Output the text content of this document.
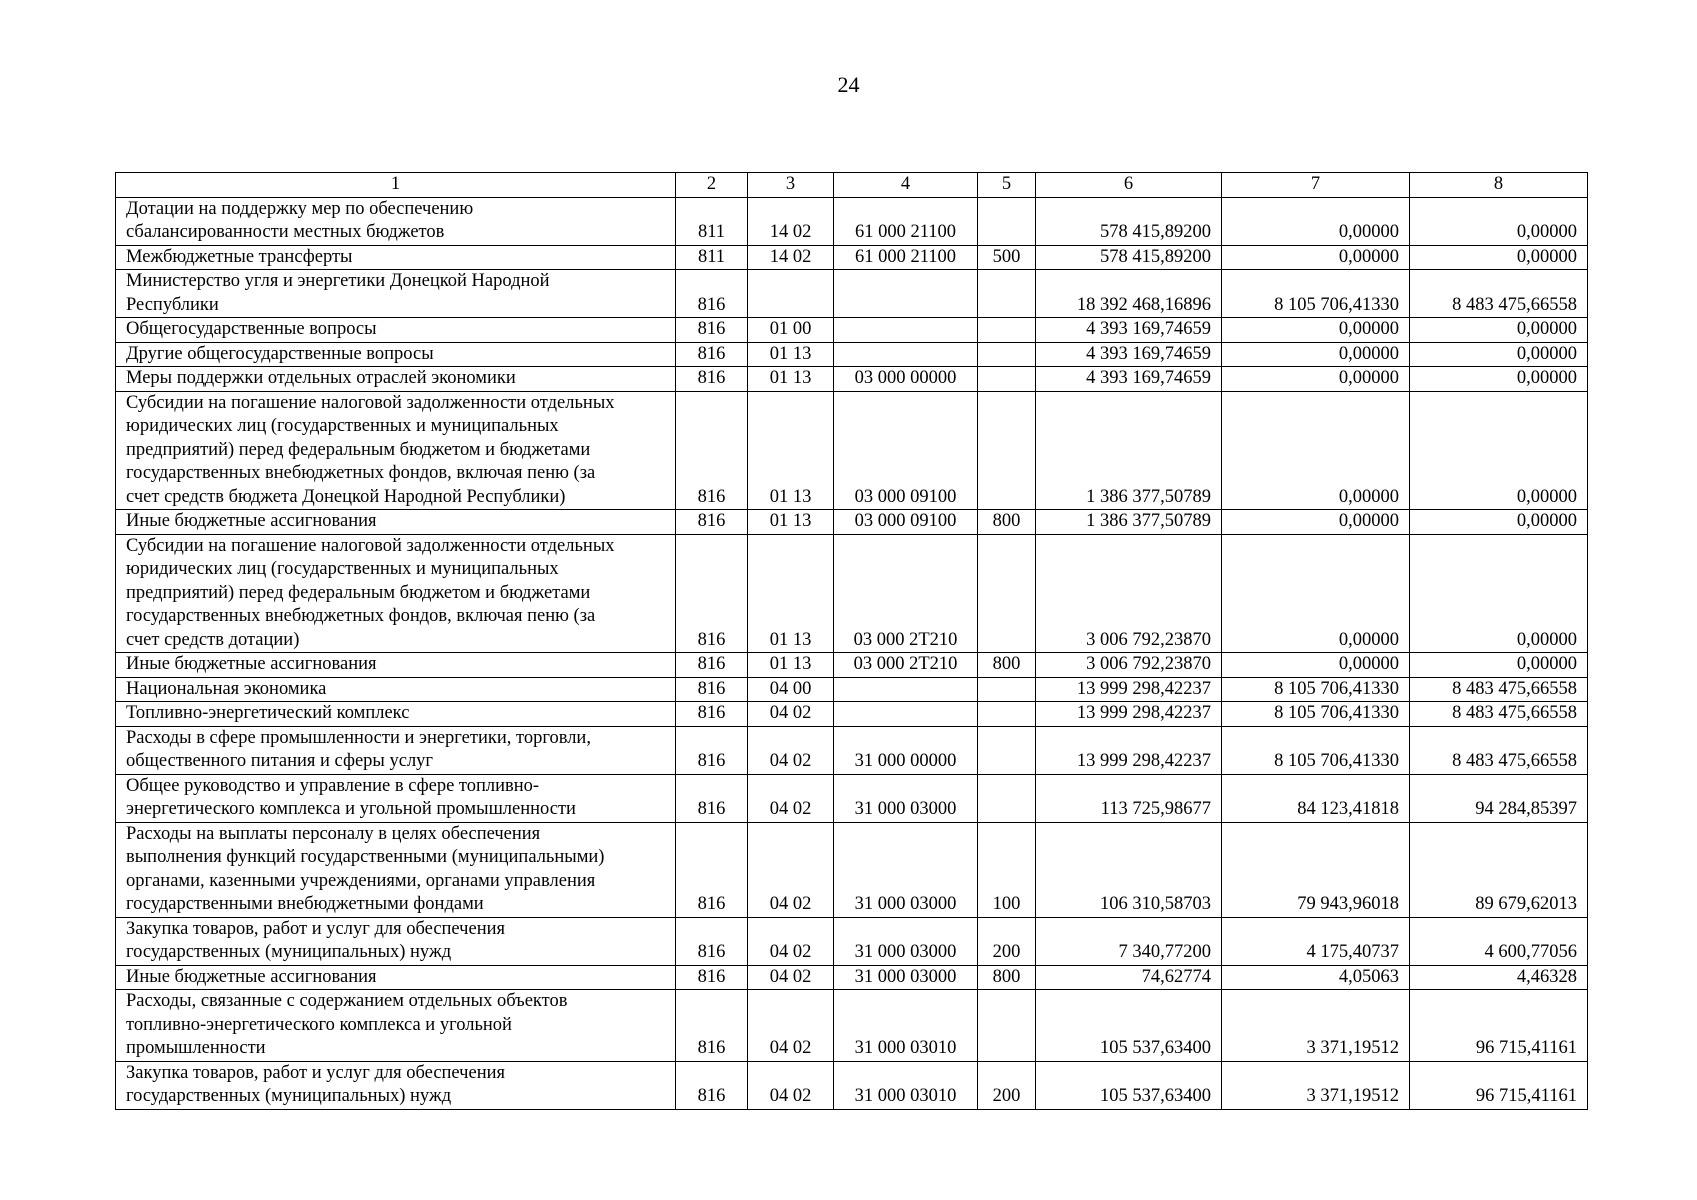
24
1	2	3	4	5	6	7	8

Дотации на поддержку мер по обеспечению
сбалансированности местных бюджетов	811	14 02	61 000 21100		578 415,89200	0,00000	0,00000

Межбюджетные трансферты	811	14 02	61 000 21100	500	578 415,89200	0,00000	0,00000

Министерство угля и энергетики Донецкой Народной
Республики	816				18 392 468,16896	8 105 706,41330	8 483 475,66558

Общегосударственные вопросы	816	01 00			4 393 169,74659	0,00000	0,00000

Другие общегосударственные вопросы	816	01 13			4 393 169,74659	0,00000	0,00000

Меры поддержки отдельных отраслей экономики	816	01 13	03 000 00000		4 393 169,74659	0,00000	0,00000

Субсидии на погашение налоговой задолженности отдельных
юридических лиц (государственных и муниципальных
предприятий) перед федеральным бюджетом и бюджетами
государственных внебюджетных фондов, включая пеню (за
счет средств бюджета Донецкой Народной Республики)	816	01 13	03 000 09100		1 386 377,50789	0,00000	0,00000

Иные бюджетные ассигнования	816	01 13	03 000 09100	800	1 386 377,50789	0,00000	0,00000

Субсидии на погашение налоговой задолженности отдельных
юридических лиц (государственных и муниципальных
предприятий) перед федеральным бюджетом и бюджетами
государственных внебюджетных фондов, включая пеню (за
счет средств дотации)	816	01 13	03 000 2Т210		3 006 792,23870	0,00000	0,00000

Иные бюджетные ассигнования	816	01 13	03 000 2Т210	800	3 006 792,23870	0,00000	0,00000

Национальная экономика	816	04 00			13 999 298,42237	8 105 706,41330	8 483 475,66558

Топливно-энергетический комплекс	816	04 02			13 999 298,42237	8 105 706,41330	8 483 475,66558

Расходы в сфере промышленности и энергетики, торговли,
общественного питания и сферы услуг	816	04 02	31 000 00000		13 999 298,42237	8 105 706,41330	8 483 475,66558

Общее руководство и управление в сфере топливно-
энергетического комплекса и угольной промышленности	816	04 02	31 000 03000		113 725,98677	84 123,41818	94 284,85397

Расходы на выплаты персоналу в целях обеспечения
выполнения функций государственными (муниципальными)
органами, казенными учреждениями, органами управления
государственными внебюджетными фондами	816	04 02	31 000 03000	100	106 310,58703	79 943,96018	89 679,62013

Закупка товаров, работ и услуг для обеспечения
государственных (муниципальных) нужд	816	04 02	31 000 03000	200	7 340,77200	4 175,40737	4 600,77056

Иные бюджетные ассигнования	816	04 02	31 000 03000	800	74,62774	4,05063	4,46328

Расходы, связанные с содержанием отдельных объектов
топливно-энергетического комплекса и угольной
промышленности	816	04 02	31 000 03010		105 537,63400	3 371,19512	96 715,41161

Закупка товаров, работ и услуг для обеспечения
государственных (муниципальных) нужд	816	04 02	31 000 03010	200	105 537,63400	3 371,19512	96 715,41161
